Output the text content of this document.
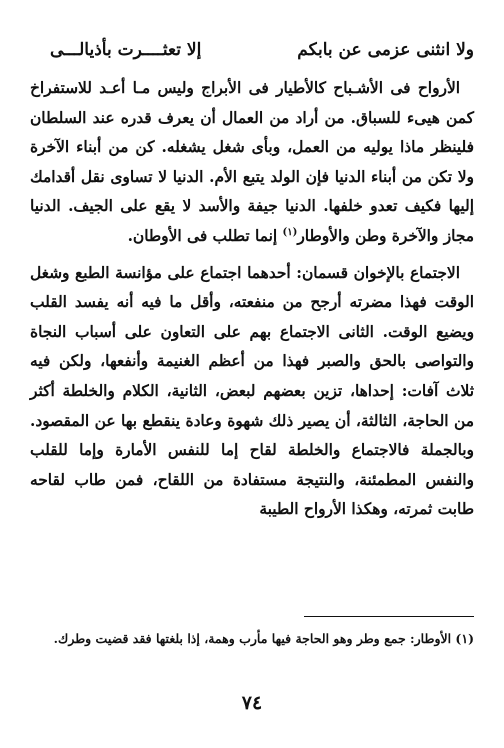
ولا انثنى عزمى عن بابكم
إلا تعثــــرت بأذيالـــى

الأرواح فى الأشـباح كالأطيار فى الأبراج وليس مـا أعـد للاستفراخ كمن هيىء للسباق. من أراد من العمال أن يعرف قدره عند السلطان فلينظر ماذا يوليه من العمل، وبأى شغل يشغله. كن من أبناء الآخرة ولا تكن من أبناء الدنيا فإن الولد يتبع الأم. الدنيا لا تساوى نقل أقدامك إليها فكيف تعدو خلفها. الدنيا جيفة والأسد لا يقع على الجيف. الدنيا مجاز والآخرة وطن والأوطار$^{(١)}$ إنما تطلب فى الأوطان.

الاجتماع بالإخوان قسمان: أحدهما اجتماع على مؤانسة الطبع وشغل الوقت فهذا مضرته أرجح من منفعته، وأقل ما فيه أنه يفسد القلب ويضيع الوقت. الثانى الاجتماع بهم على التعاون على أسباب النجاة والتواصى بالحق والصبر فهذا من أعظم الغنيمة وأنفعها، ولكن فيه ثلاث آفات: إحداها، تزين بعضهم لبعض، الثانية، الكلام والخلطة أكثر من الحاجة، الثالثة، أن يصير ذلك شهوة وعادة ينقطع بها عن المقصود. وبالجملة فالاجتماع والخلطة لقاح إما للنفس الأمارة وإما للقلب والنفس المطمئنة، والنتيجة مستفادة من اللقاح، فمن طاب لقاحه طابت ثمرته، وهكذا الأرواح الطيبة

(١) الأوطار: جمع وطر وهو الحاجة فيها مأرب وهمة، إذا بلغتها فقد قضيت وطرك.
٧٤
